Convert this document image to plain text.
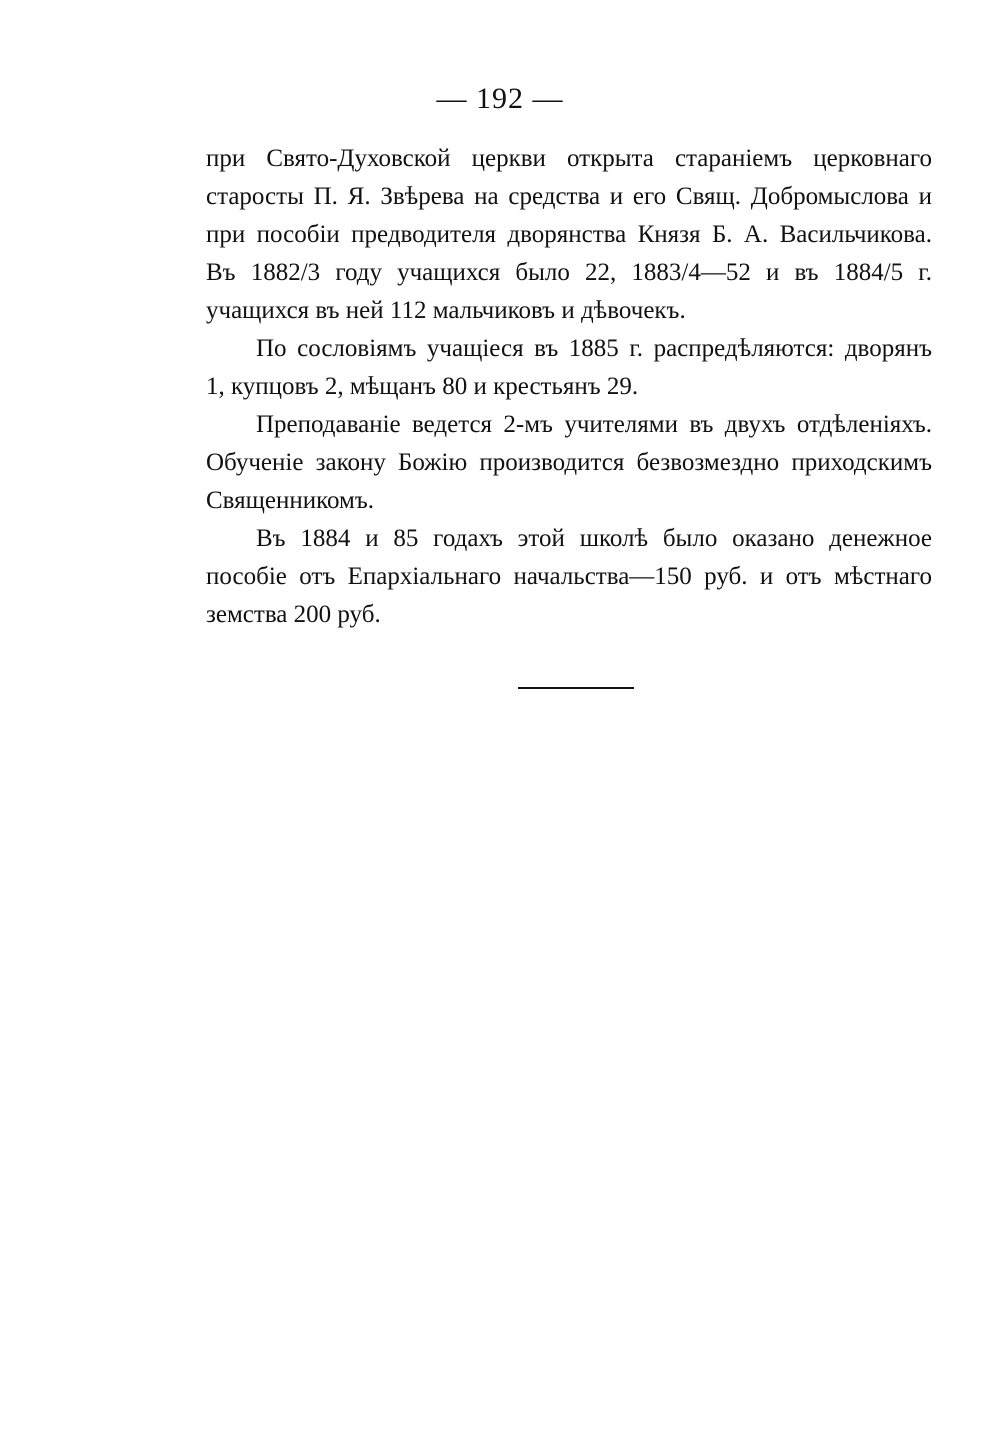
— 192 —
при Свято-Духовской церкви открыта стараніемъ церковнаго
старосты П. Я. Звѣрева на средства и его Свящ. Добромыслова и
при пособіи предводителя дворянства Князя Б. А. Васильчикова.
Въ 1882/3 году учащихся было 22, 1883/4—52 и въ 1884/5 г.
учащихся въ ней 112 мальчиковъ и дѣвочекъ.
По сословіямъ учащіеся въ 1885 г. распредѣляются: дворянъ
1, купцовъ 2, мѣщанъ 80 и крестьянъ 29.
Преподаваніе ведется 2-мъ учителями въ двухъ отдѣленіяхъ.
Обученіе закону Божію производится безвозмездно приходскимъ
Священникомъ.
Въ 1884 и 85 годахъ этой школѣ было оказано денежное
пособіе отъ Епархіальнаго начальства—150 руб. и отъ мѣстнаго
земства 200 руб.
